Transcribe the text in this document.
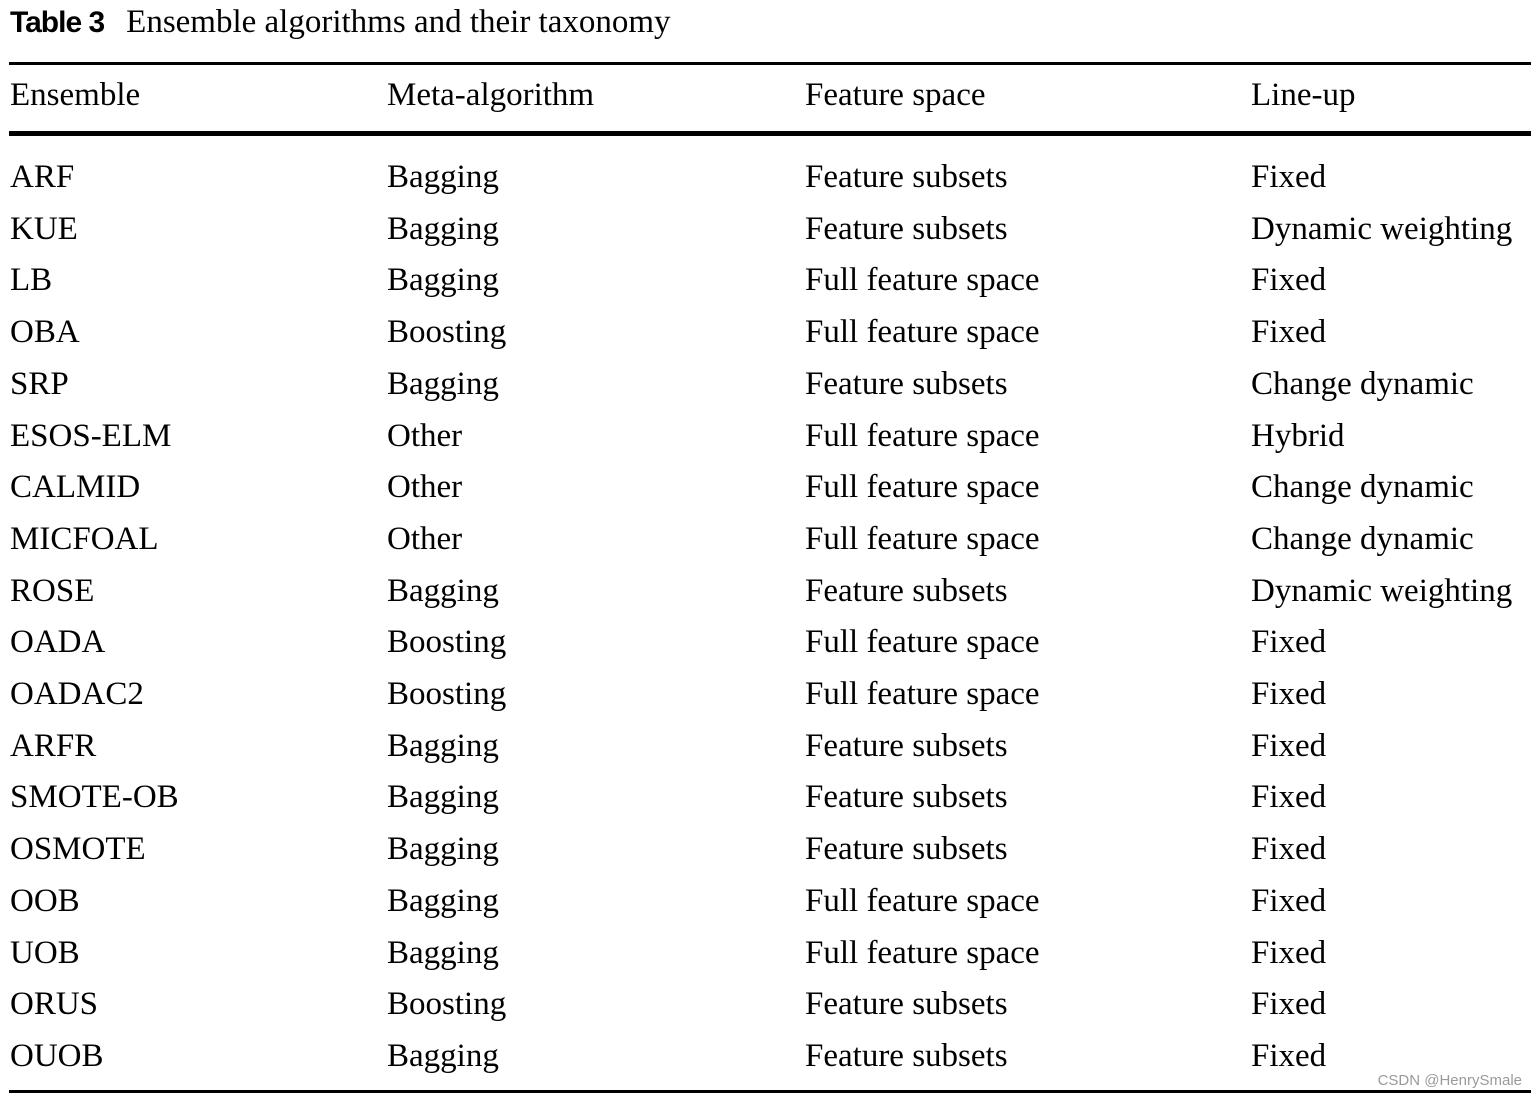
Table 3 Ensemble algorithms and their taxonomy
Ensemble	Meta-algorithm	Feature space	Line-up
ARF	Bagging	Feature subsets	Fixed
KUE	Bagging	Feature subsets	Dynamic weighting
LB	Bagging	Full feature space	Fixed
OBA	Boosting	Full feature space	Fixed
SRP	Bagging	Feature subsets	Change dynamic
ESOS-ELM	Other	Full feature space	Hybrid
CALMID	Other	Full feature space	Change dynamic
MICFOAL	Other	Full feature space	Change dynamic
ROSE	Bagging	Feature subsets	Dynamic weighting
OADA	Boosting	Full feature space	Fixed
OADAC2	Boosting	Full feature space	Fixed
ARFR	Bagging	Feature subsets	Fixed
SMOTE-OB	Bagging	Feature subsets	Fixed
OSMOTE	Bagging	Feature subsets	Fixed
OOB	Bagging	Full feature space	Fixed
UOB	Bagging	Full feature space	Fixed
ORUS	Boosting	Feature subsets	Fixed
OUOB	Bagging	Feature subsets	Fixed
CSDN @HenrySmale
